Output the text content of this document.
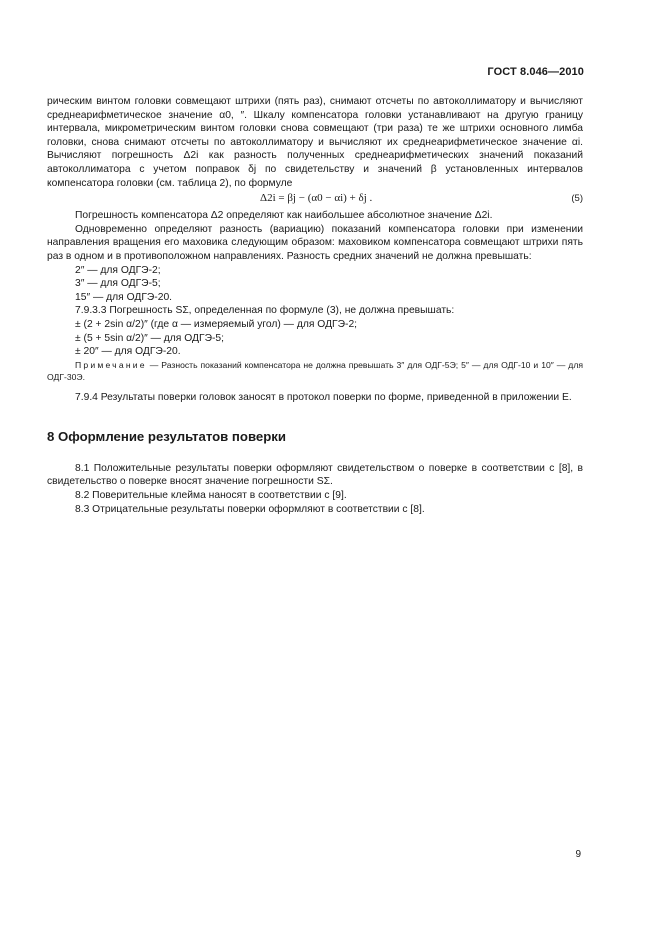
ГОСТ 8.046—2010

рическим винтом головки совмещают штрихи (пять раз), снимают отсчеты по автоколлиматору и вычисляют среднеарифметическое значение α0, ″. Шкалу компенсатора головки устанавливают на другую границу интервала, микрометрическим винтом головки снова совмещают (три раза) те же штрихи основного лимба головки, снова снимают отсчеты по автоколлиматору и вычисляют их среднеарифметическое значение αi. Вычисляют погрешность Δ2i как разность полученных среднеарифметических значений показаний автоколлиматора с учетом поправок δj по свидетельству и значений β установленных интервалов компенсатора головки (см. таблица 2), по формуле

Δ2i = βj − (α0 − αi) + δj .	(5)

Погрешность компенсатора Δ2 определяют как наибольшее абсолютное значение Δ2i.

Одновременно определяют разность (вариацию) показаний компенсатора головки при изменении направления вращения его маховика следующим образом: маховиком компенсатора совмещают штрихи пять раз в одном и в противоположном направлениях. Разность средних значений не должна превышать:

2″ — для ОДГЭ-2;

3″ — для ОДГЭ-5;

15″ — для ОДГЭ-20.

7.9.3.3 Погрешность SΣ, определенная по формуле (3), не должна превышать:

± (2 + 2sin α/2)″ (где α — измеряемый угол) — для ОДГЭ-2;

± (5 + 5sin α/2)″ — для ОДГЭ-5;

± 20″ — для ОДГЭ-20.

Примечание — Разность показаний компенсатора не должна превышать 3″ для ОДГ-5Э; 5″ — для ОДГ-10 и 10″ — для ОДГ-30Э.

7.9.4 Результаты поверки головок заносят в протокол поверки по форме, приведенной в приложении Е.

8 Оформление результатов поверки

8.1 Положительные результаты поверки оформляют свидетельством о поверке в соответствии с [8], в свидетельство о поверке вносят значение погрешности SΣ.

8.2 Поверительные клейма наносят в соответствии с [9].

8.3 Отрицательные результаты поверки оформляют в соответствии с [8].

9
